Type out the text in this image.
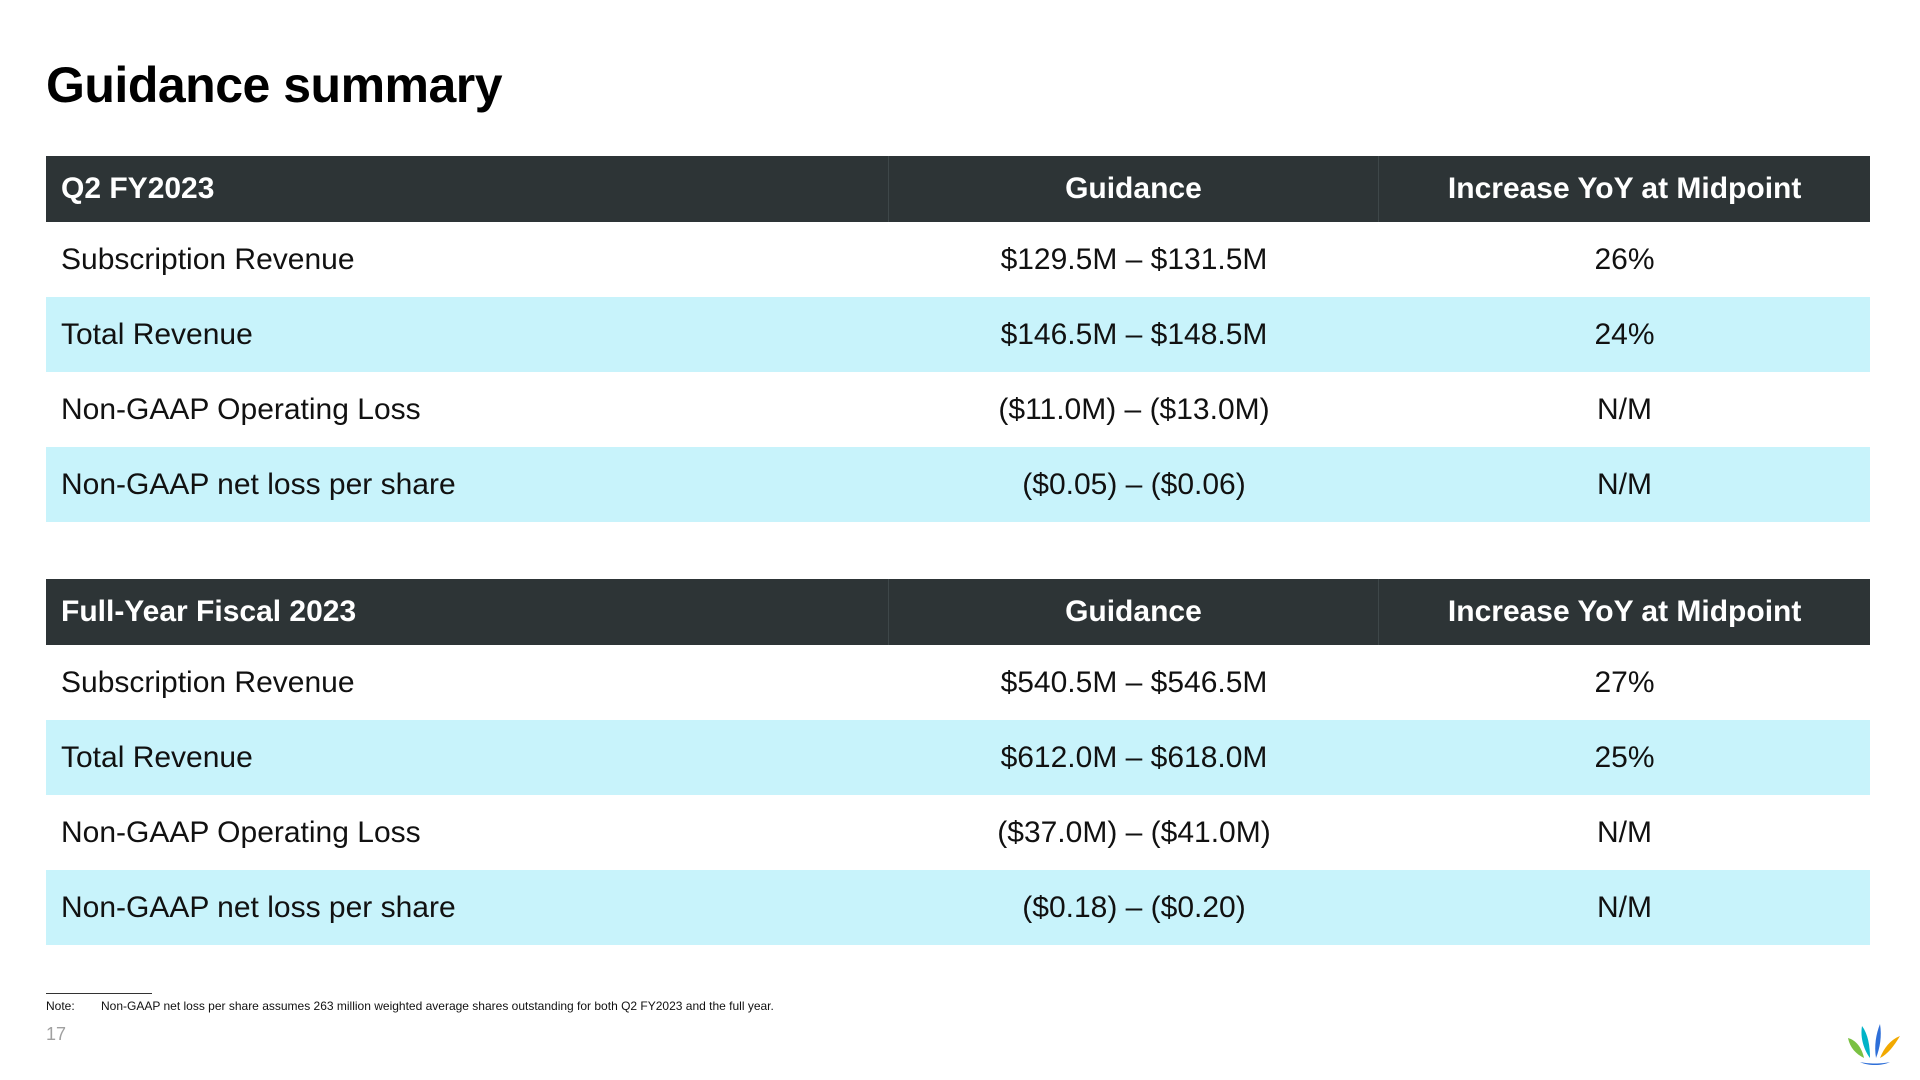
Guidance summary
Q2 FY2023	Guidance	Increase YoY at Midpoint
Subscription Revenue	$129.5M – $131.5M	26%
Total Revenue	$146.5M – $148.5M	24%
Non-GAAP Operating Loss	($11.0M) – ($13.0M)	N/M
Non-GAAP net loss per share	($0.05) – ($0.06)	N/M
Full-Year Fiscal 2023	Guidance	Increase YoY at Midpoint
Subscription Revenue	$540.5M – $546.5M	27%
Total Revenue	$612.0M – $618.0M	25%
Non-GAAP Operating Loss	($37.0M) – ($41.0M)	N/M
Non-GAAP net loss per share	($0.18) – ($0.20)	N/M
Note:	Non-GAAP net loss per share assumes 263 million weighted average shares outstanding for both Q2 FY2023 and the full year.
17
